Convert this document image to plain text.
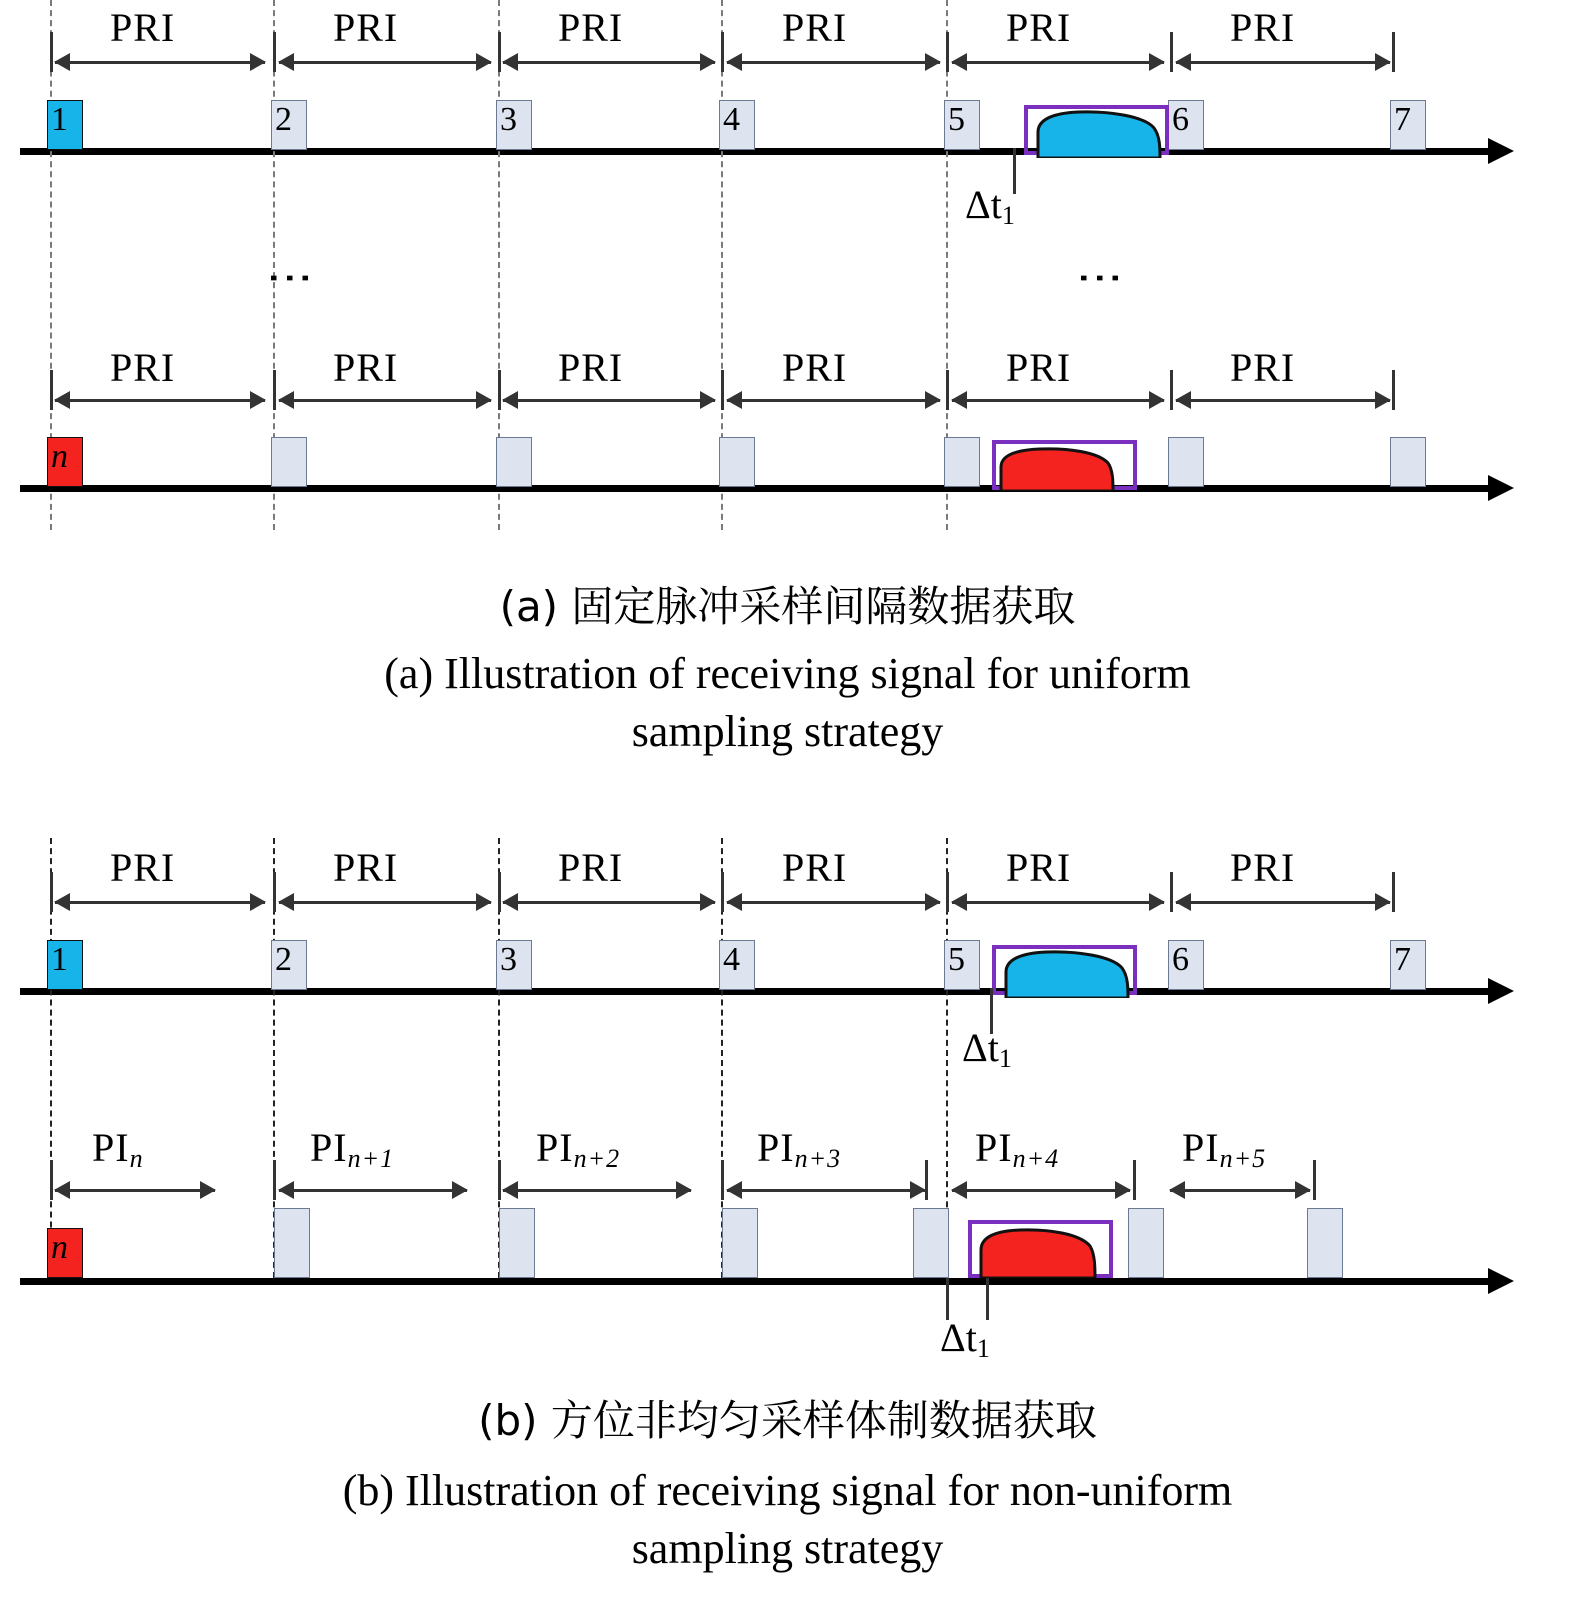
PRI	PRI	PRI	PRI	PRI	PRI
1	2	3	4	5	6	7
$\Delta t_1$
⋮	⋮
PRI	PRI	PRI	PRI	PRI	PRI
n
(a) 固定脉冲采样间隔数据获取
(a) Illustration of receiving signal for uniform
sampling strategy
PRI	PRI	PRI	PRI	PRI	PRI
1	2	3	4	5	6	7
$\Delta t_1$
$PI_n$	$PI_{n+1}$	$PI_{n+2}$	$PI_{n+3}$	$PI_{n+4}$	$PI_{n+5}$
n
$\Delta t_1$
(b) 方位非均匀采样体制数据获取
(b) Illustration of receiving signal for non-uniform
sampling strategy
